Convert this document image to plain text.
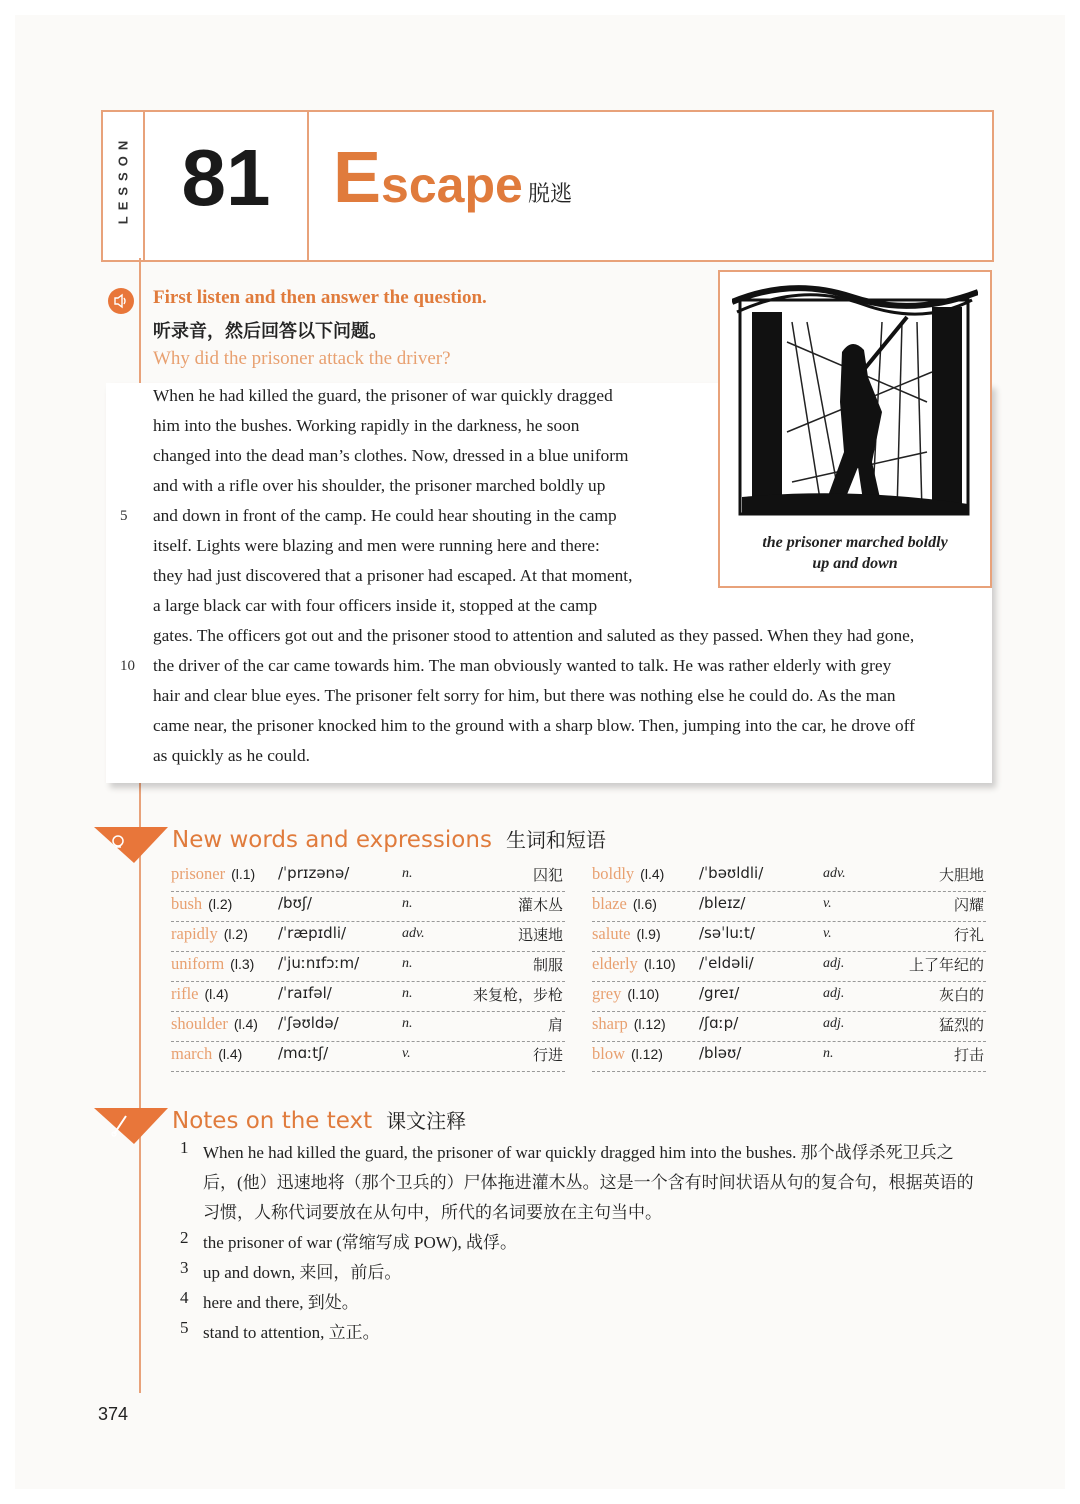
LESSON 81 Escape 脱逃
First listen and then answer the question.
听录音，然后回答以下问题。
Why did the prisoner attack the driver?
When he had killed the guard, the prisoner of war quickly dragged
him into the bushes. Working rapidly in the darkness, he soon
changed into the dead man’s clothes. Now, dressed in a blue uniform
and with a rifle over his shoulder, the prisoner marched boldly up
and down in front of the camp. He could hear shouting in the camp
itself. Lights were blazing and men were running here and there:
they had just discovered that a prisoner had escaped. At that moment,
a large black car with four officers inside it, stopped at the camp
gates. The officers got out and the prisoner stood to attention and saluted as they passed. When they had gone,
the driver of the car came towards him. The man obviously wanted to talk. He was rather elderly with grey
hair and clear blue eyes. The prisoner felt sorry for him, but there was nothing else he could do. As the man
came near, the prisoner knocked him to the ground with a sharp blow. Then, jumping into the car, he drove off
as quickly as he could.
5
10
the prisoner marched boldly
up and down
New words and expressions 生词和短语
prisoner (l.1) /ˈprɪzənə/	n.	囚犯
bush (l.2)	/bʊʃ/	n.	灌木丛
rapidly (l.2) /ˈræpɪdli/	adv.	迅速地
uniform (l.3) /ˈjuːnɪfɔːm/	n.	制服
rifle (l.4)	/ˈraɪfəl/	n.	来复枪，步枪
shoulder (l.4) /ˈʃəʊldə/	n.	肩
march (l.4) /mɑːtʃ/	v.	行进
boldly (l.4) /ˈbəʊldli/	adv.	大胆地
blaze (l.6)	/bleɪz/	v.	闪耀
salute (l.9)	/səˈluːt/	v.	行礼
elderly (l.10) /ˈeldəli/	adj.	上了年纪的
grey (l.10)	/greɪ/	adj.	灰白的
sharp (l.12) /ʃɑːp/	adj.	猛烈的
blow (l.12) /bləʊ/	n.	打击
Notes on the text 课文注释
1 When he had killed the guard, the prisoner of war quickly dragged him into the bushes. 那个战俘杀死卫兵之
后，(他）迅速地将（那个卫兵的）尸体拖进灌木丛。这是一个含有时间状语从句的复合句，根据英语的
习惯，人称代词要放在从句中，所代的名词要放在主句当中。
2 the prisoner of war (常缩写成 POW), 战俘。
3 up and down, 来回，前后。
4 here and there, 到处。
5 stand to attention, 立正。
374
